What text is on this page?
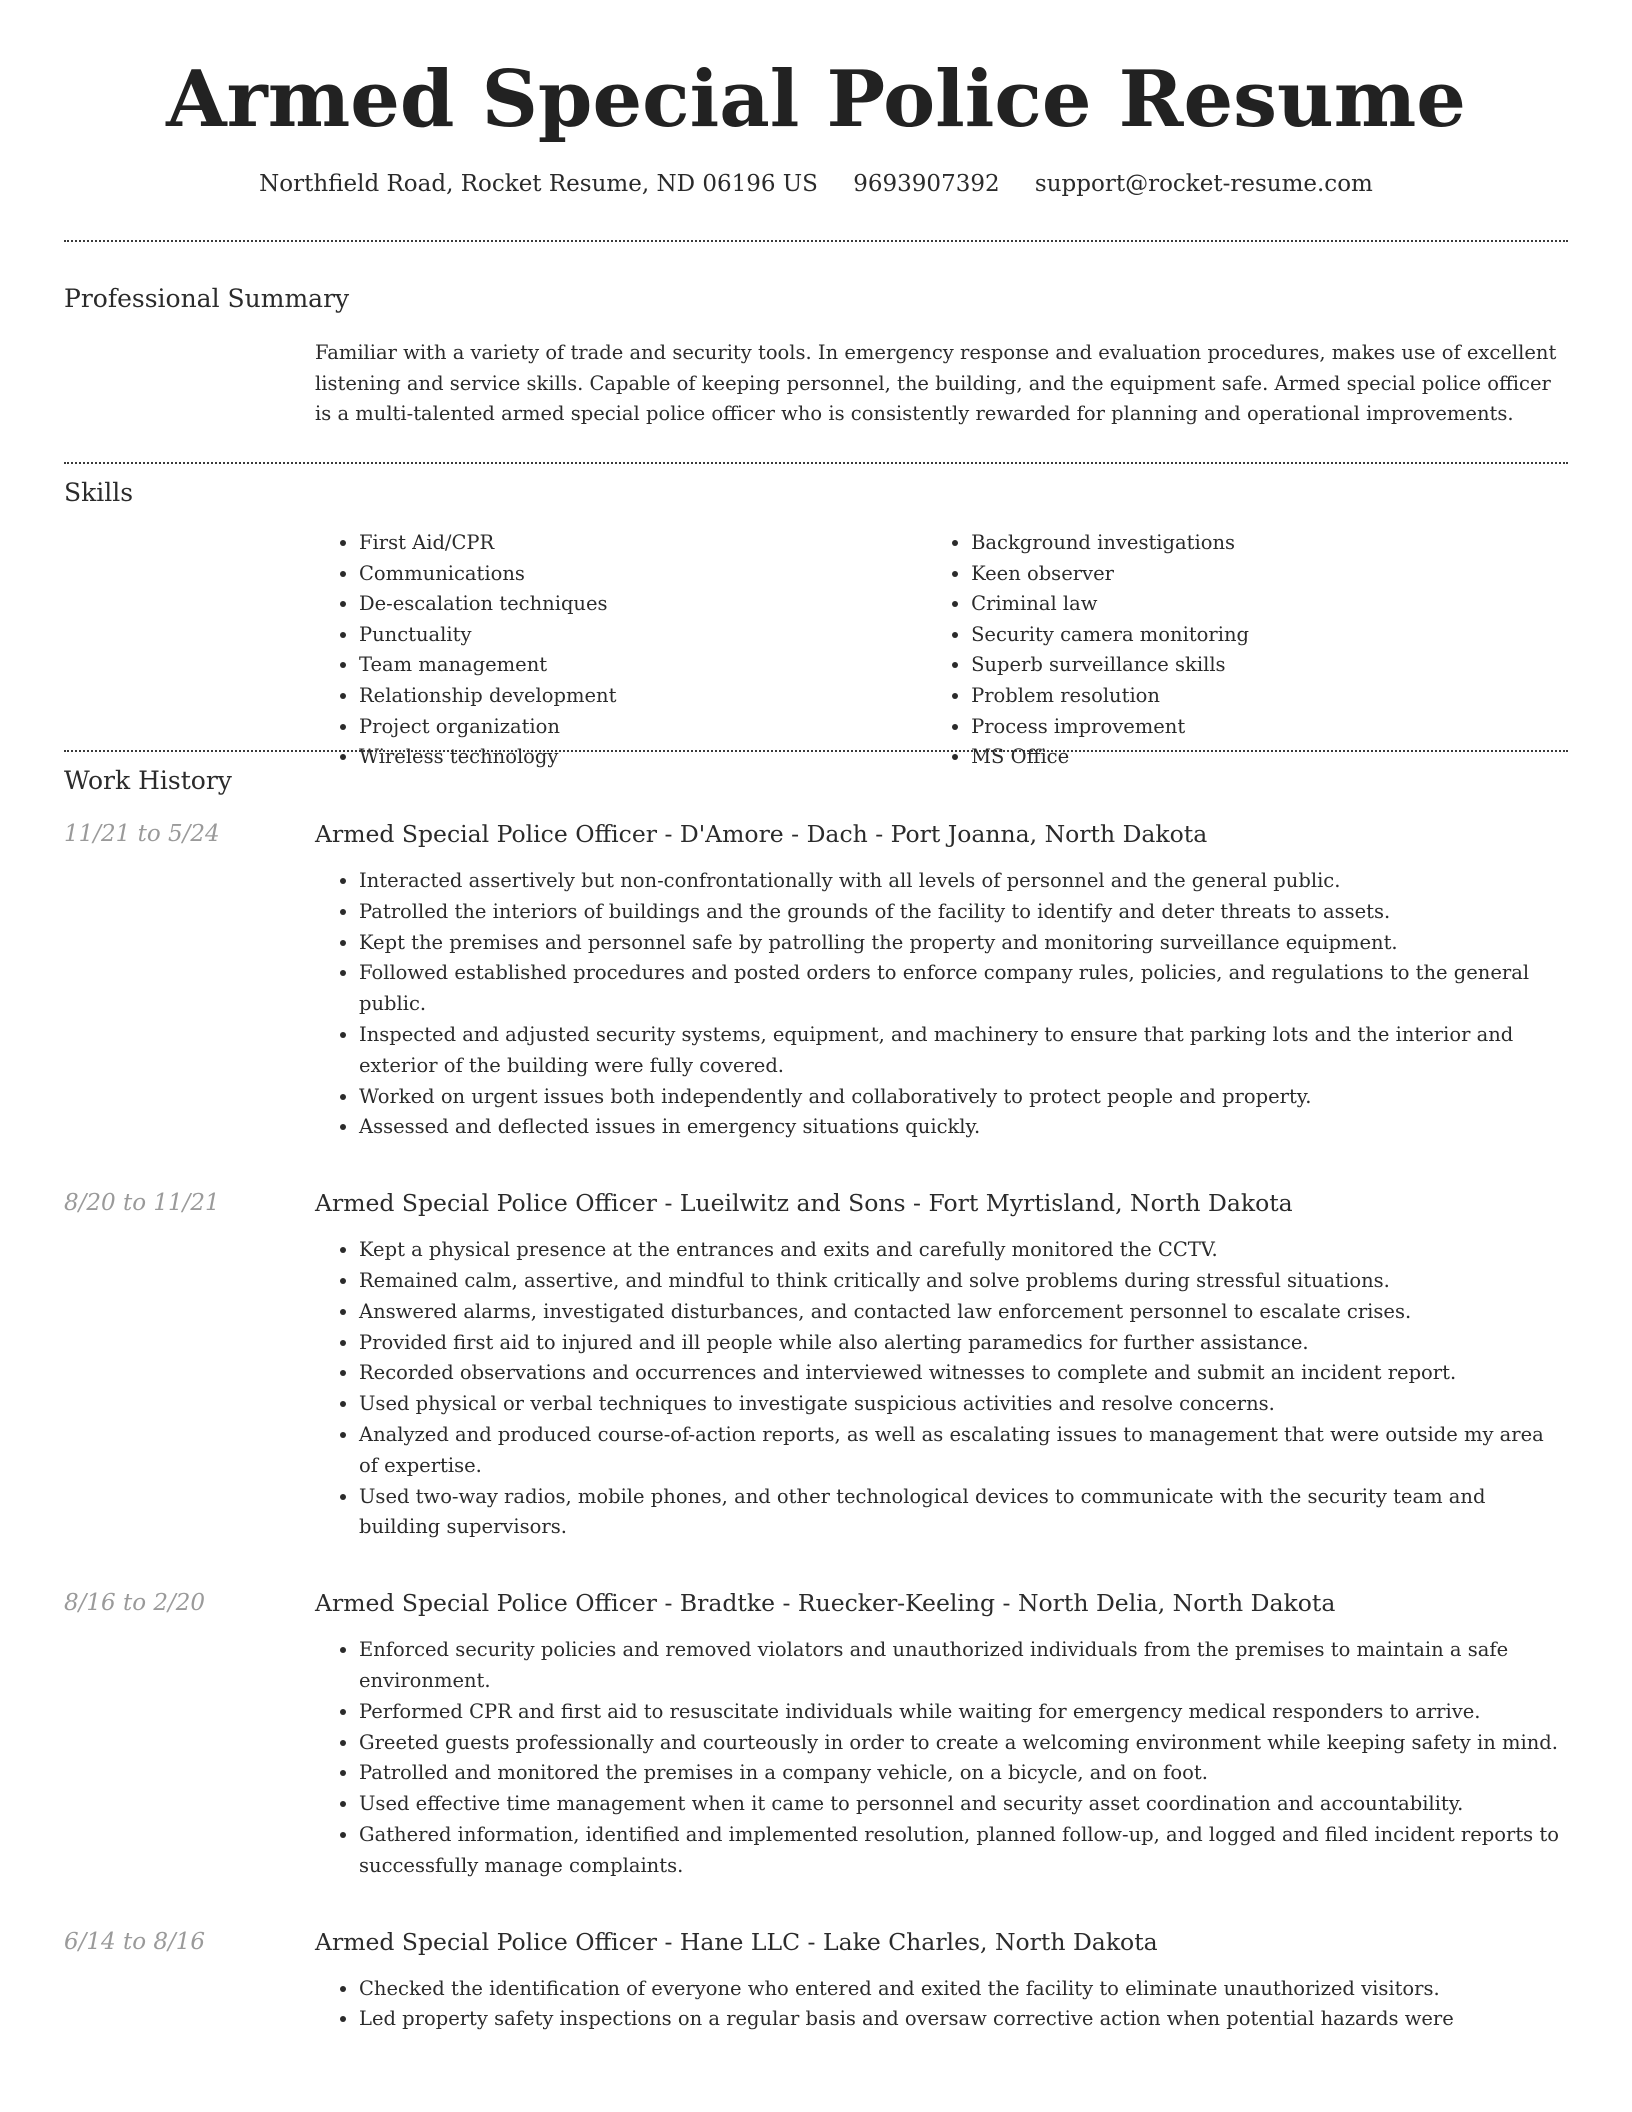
Armed Special Police Resume
Northfield Road, Rocket Resume, ND 06196 US 9693907392 support@rocket-resume.com
Professional Summary
Familiar with a variety of trade and security tools. In emergency response and evaluation procedures, makes use of excellent listening and service skills. Capable of keeping personnel, the building, and the equipment safe. Armed special police officer is a multi-talented armed special police officer who is consistently rewarded for planning and operational improvements.
Skills
• First Aid/CPR
• Communications
• De-escalation techniques
• Punctuality
• Team management
• Relationship development
• Project organization
• Wireless technology
• Background investigations
• Keen observer
• Criminal law
• Security camera monitoring
• Superb surveillance skills
• Problem resolution
• Process improvement
• MS Office
Work History
11/21 to 5/24	Armed Special Police Officer - D'Amore - Dach - Port Joanna, North Dakota
• Interacted assertively but non-confrontationally with all levels of personnel and the general public.
• Patrolled the interiors of buildings and the grounds of the facility to identify and deter threats to assets.
• Kept the premises and personnel safe by patrolling the property and monitoring surveillance equipment.
• Followed established procedures and posted orders to enforce company rules, policies, and regulations to the general public.
• Inspected and adjusted security systems, equipment, and machinery to ensure that parking lots and the interior and exterior of the building were fully covered.
• Worked on urgent issues both independently and collaboratively to protect people and property.
• Assessed and deflected issues in emergency situations quickly.
8/20 to 11/21	Armed Special Police Officer - Lueilwitz and Sons - Fort Myrtisland, North Dakota
• Kept a physical presence at the entrances and exits and carefully monitored the CCTV.
• Remained calm, assertive, and mindful to think critically and solve problems during stressful situations.
• Answered alarms, investigated disturbances, and contacted law enforcement personnel to escalate crises.
• Provided first aid to injured and ill people while also alerting paramedics for further assistance.
• Recorded observations and occurrences and interviewed witnesses to complete and submit an incident report.
• Used physical or verbal techniques to investigate suspicious activities and resolve concerns.
• Analyzed and produced course-of-action reports, as well as escalating issues to management that were outside my area of expertise.
• Used two-way radios, mobile phones, and other technological devices to communicate with the security team and building supervisors.
8/16 to 2/20	Armed Special Police Officer - Bradtke - Ruecker-Keeling - North Delia, North Dakota
• Enforced security policies and removed violators and unauthorized individuals from the premises to maintain a safe environment.
• Performed CPR and first aid to resuscitate individuals while waiting for emergency medical responders to arrive.
• Greeted guests professionally and courteously in order to create a welcoming environment while keeping safety in mind.
• Patrolled and monitored the premises in a company vehicle, on a bicycle, and on foot.
• Used effective time management when it came to personnel and security asset coordination and accountability.
• Gathered information, identified and implemented resolution, planned follow-up, and logged and filed incident reports to successfully manage complaints.
6/14 to 8/16	Armed Special Police Officer - Hane LLC - Lake Charles, North Dakota
• Checked the identification of everyone who entered and exited the facility to eliminate unauthorized visitors.
• Led property safety inspections on a regular basis and oversaw corrective action when potential hazards were
